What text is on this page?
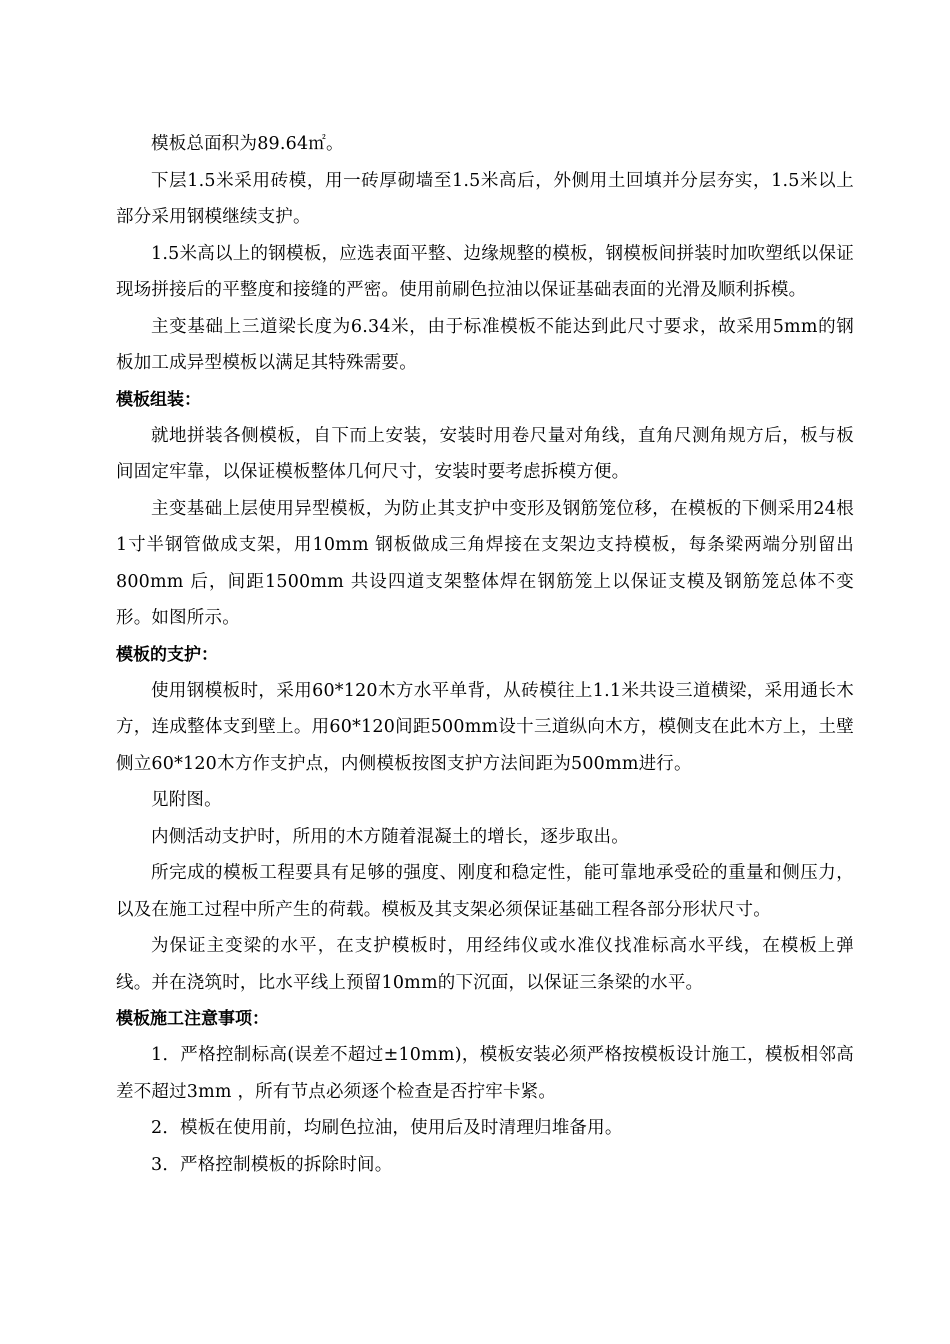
模板总面积为89.64㎡。

下层1.5米采用砖模，用一砖厚砌墙至1.5米高后，外侧用土回填并分层夯实，1.5米以上部分采用钢模继续支护。

1.5米高以上的钢模板，应选表面平整、边缘规整的模板，钢模板间拼装时加吹塑纸以保证现场拼接后的平整度和接缝的严密。使用前刷色拉油以保证基础表面的光滑及顺利拆模。

主变基础上三道梁长度为6.34米，由于标准模板不能达到此尺寸要求，故采用5mm的钢板加工成异型模板以满足其特殊需要。

模板组装：

就地拼装各侧模板，自下而上安装，安装时用卷尺量对角线，直角尺测角规方后，板与板间固定牢靠，以保证模板整体几何尺寸，安装时要考虑拆模方便。

主变基础上层使用异型模板，为防止其支护中变形及钢筋笼位移，在模板的下侧采用24根1寸半钢管做成支架，用10mm 钢板做成三角焊接在支架边支持模板，每条梁两端分别留出800mm 后，间距1500mm 共设四道支架整体焊在钢筋笼上以保证支模及钢筋笼总体不变形。如图所示。

模板的支护：

使用钢模板时，采用60*120木方水平单背，从砖模往上1.1米共设三道横梁，采用通长木方，连成整体支到壁上。用60*120间距500mm设十三道纵向木方，模侧支在此木方上，土壁侧立60*120木方作支护点，内侧模板按图支护方法间距为500mm进行。

见附图。

内侧活动支护时，所用的木方随着混凝土的增长，逐步取出。

所完成的模板工程要具有足够的强度、刚度和稳定性，能可靠地承受砼的重量和侧压力，以及在施工过程中所产生的荷载。模板及其支架必须保证基础工程各部分形状尺寸。

为保证主变梁的水平，在支护模板时，用经纬仪或水准仪找准标高水平线，在模板上弹线。并在浇筑时，比水平线上预留10mm的下沉面，以保证三条梁的水平。

模板施工注意事项：

1．严格控制标高(误差不超过±10mm)，模板安装必须严格按模板设计施工，模板相邻高差不超过3mm ，所有节点必须逐个检查是否拧牢卡紧。

2．模板在使用前，均刷色拉油，使用后及时清理归堆备用。

3．严格控制模板的拆除时间。
